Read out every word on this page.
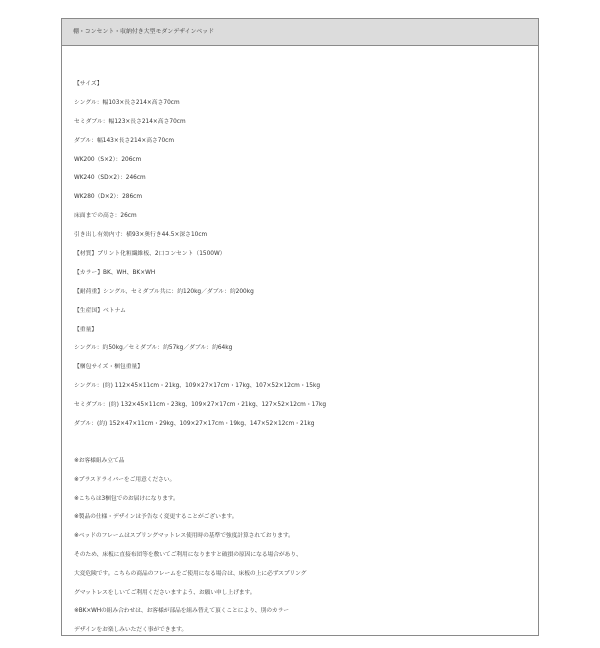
棚・コンセント・収納付き大型モダンデザインベッド
【サイズ】
シングル：幅103×長さ214×高さ70cm
セミダブル：幅123×長さ214×高さ70cm
ダブル：幅143×長さ214×高さ70cm
WK200（S×2）：206cm
WK240（SD×2）：246cm
WK280（D×2）：286cm
床面までの高さ：26cm
引き出し有効内寸：横93×奥行き44.5×深さ10cm
【材質】プリント化粧繊維板、2口コンセント（1500W）
【カラー】BK、WH、BK×WH
【耐荷重】シングル、セミダブル共に：約120kg／ダブル：約200kg
【生産国】ベトナム
【重量】
シングル：約50kg／セミダブル：約57kg／ダブル：約64kg
【梱包サイズ・梱包重量】
シングル：(約) 112×45×11cm・21kg、109×27×17cm・17kg、107×52×12cm・15kg
セミダブル：(約) 132×45×11cm・23kg、109×27×17cm・21kg、127×52×12cm・17kg
ダブル：(約) 152×47×11cm・29kg、109×27×17cm・19kg、147×52×12cm・21kg
※お客様組み立て品
※プラスドライバーをご用意ください。
※こちらは3梱包でのお届けになります。
※製品の仕様・デザインは予告なく変更することがございます。
※ベッドのフレームはスプリングマットレス使用時の基準で強度計算されております。
そのため、床板に直接布団等を敷いてご利用になりますと破損の原因になる場合があり、
大変危険です。こちらの商品のフレームをご使用になる場合は、床板の上に必ずスプリング
グマットレスをしいてご利用くださいますよう、お願い申し上げます。
※BK×WHの組み合わせは、お客様が部品を組み替えて頂くことにより、別のカラー
デザインをお楽しみいただく事ができます。
